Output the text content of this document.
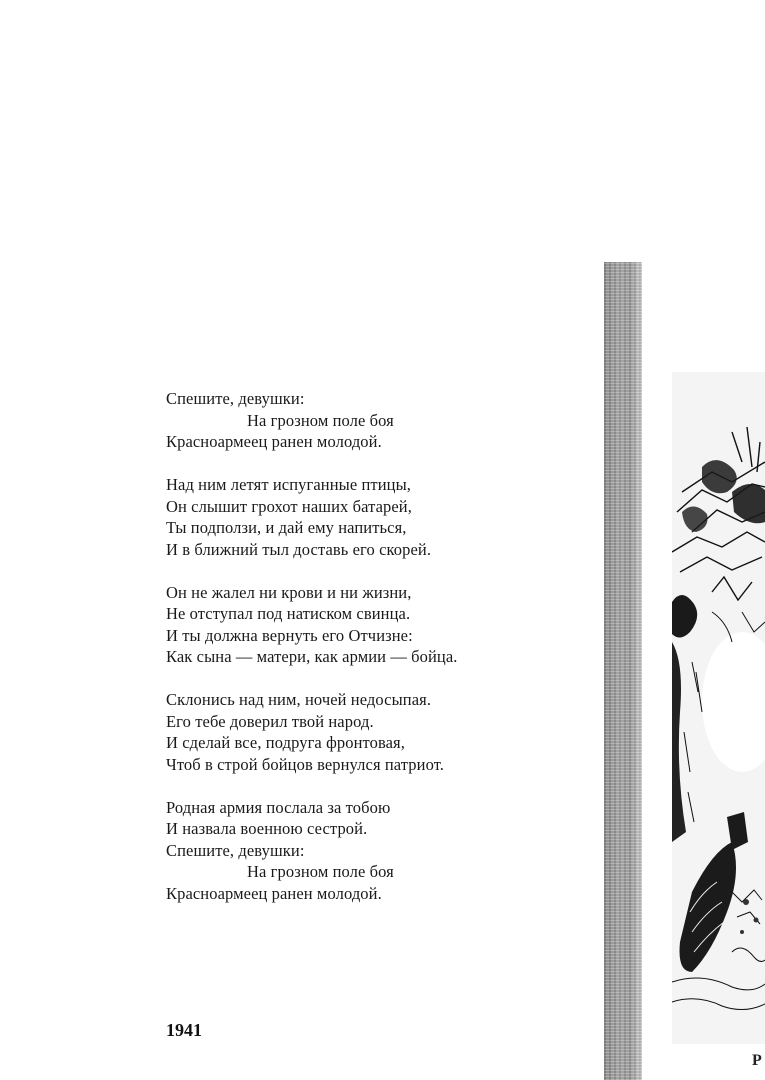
Спешите, девушки:
На грозном поле боя
Красноармеец ранен молодой.
Над ним летят испуганные птицы,
Он слышит грохот наших батарей,
Ты подползи, и дай ему напиться,
И в ближний тыл доставь его скорей.
Он не жалел ни крови и ни жизни,
Не отступал под натиском свинца.
И ты должна вернуть его Отчизне:
Как сына — матери, как армии — бойца.
Склонись над ним, ночей недосыпая.
Его тебе доверил твой народ.
И сделай все, подруга фронтовая,
Чтоб в строй бойцов вернулся патриот.
Родная армия послала за тобою
И назвала военною сестрой.
Спешите, девушки:
На грозном поле боя
Красноармеец ранен молодой.
1941
Р
